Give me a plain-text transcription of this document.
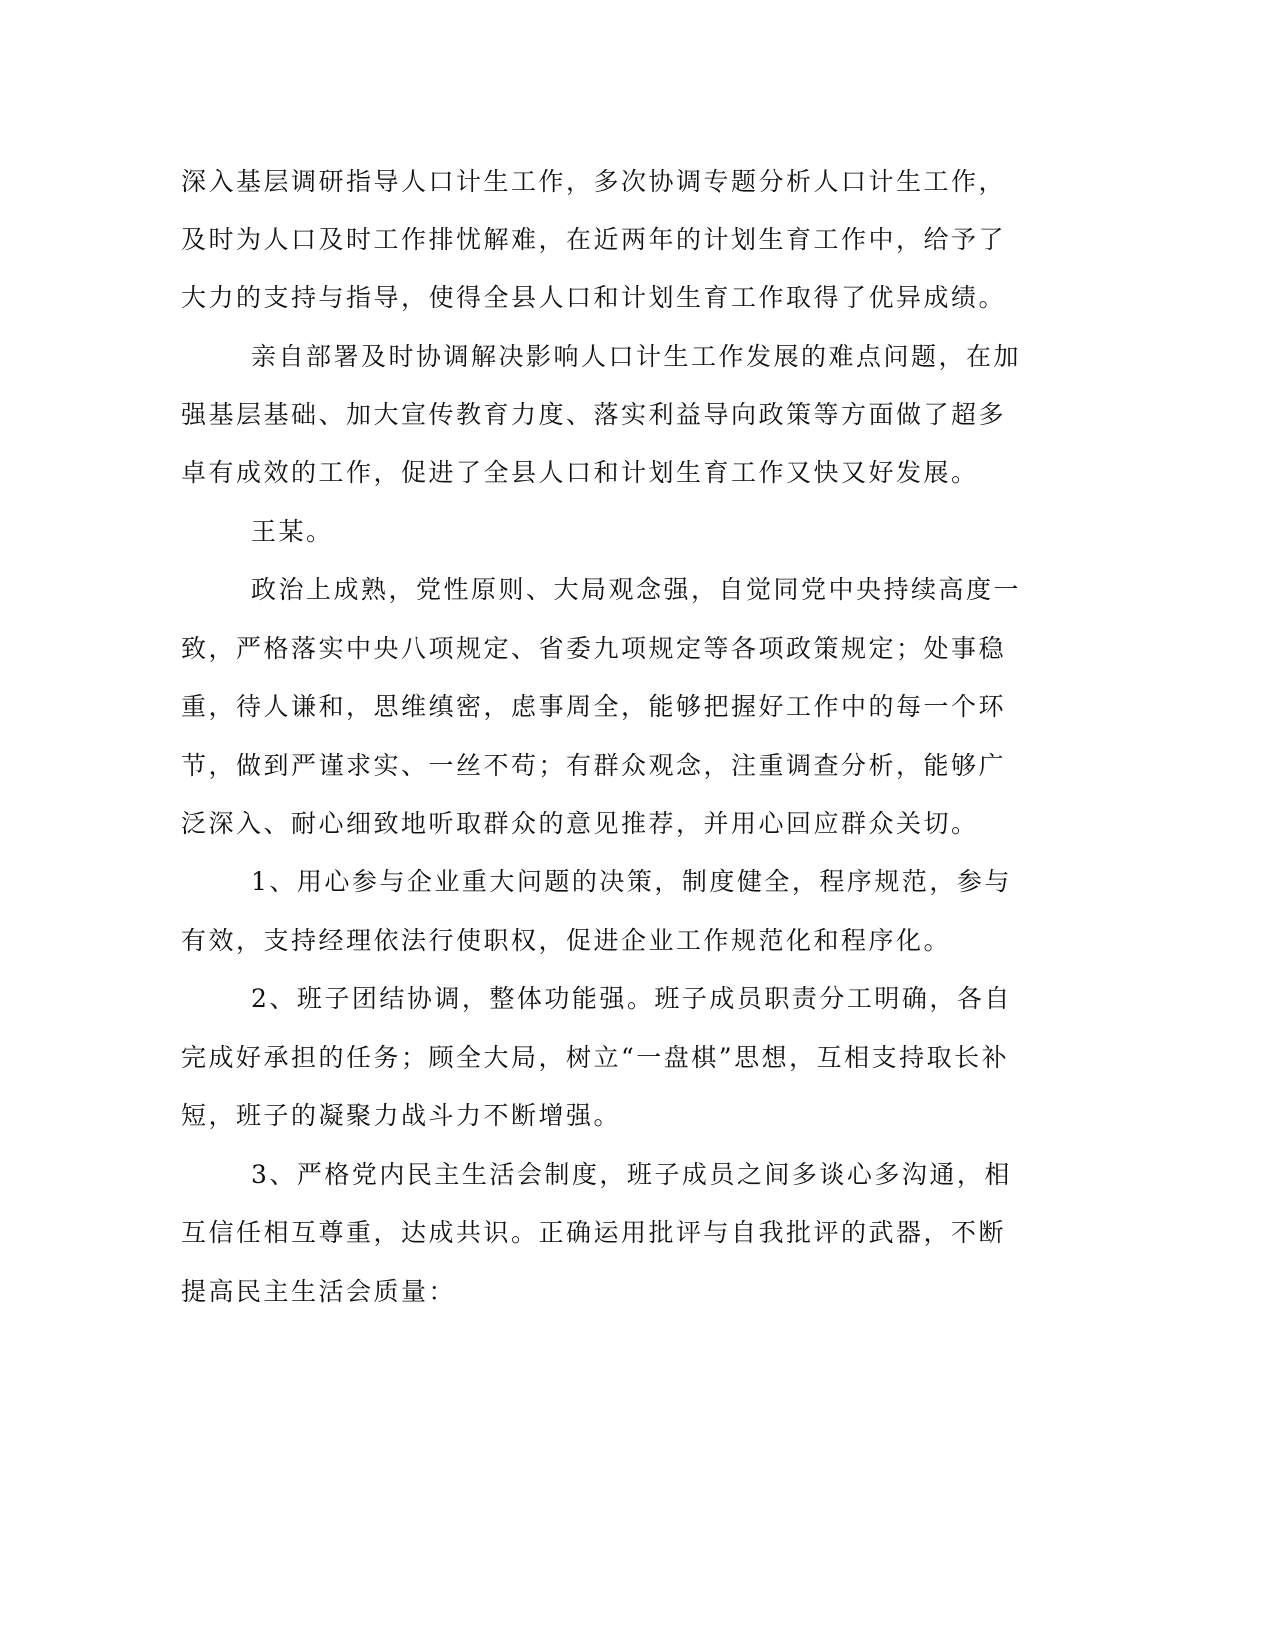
深入基层调研指导人口计生工作，多次协调专题分析人口计生工作，
及时为人口及时工作排忧解难，在近两年的计划生育工作中，给予了
大力的支持与指导，使得全县人口和计划生育工作取得了优异成绩。
亲自部署及时协调解决影响人口计生工作发展的难点问题，在加
强基层基础、加大宣传教育力度、落实利益导向政策等方面做了超多
卓有成效的工作，促进了全县人口和计划生育工作又快又好发展。
王某。
政治上成熟，党性原则、大局观念强，自觉同党中央持续高度一
致，严格落实中央八项规定、省委九项规定等各项政策规定；处事稳
重，待人谦和，思维缜密，虑事周全，能够把握好工作中的每一个环
节，做到严谨求实、一丝不苟；有群众观念，注重调查分析，能够广
泛深入、耐心细致地听取群众的意见推荐，并用心回应群众关切。
1、用心参与企业重大问题的决策，制度健全，程序规范，参与
有效，支持经理依法行使职权，促进企业工作规范化和程序化。
2、班子团结协调，整体功能强。班子成员职责分工明确，各自
完成好承担的任务；顾全大局，树立“一盘棋”思想，互相支持取长补
短，班子的凝聚力战斗力不断增强。
3、严格党内民主生活会制度，班子成员之间多谈心多沟通，相
互信任相互尊重，达成共识。正确运用批评与自我批评的武器，不断
提高民主生活会质量：
